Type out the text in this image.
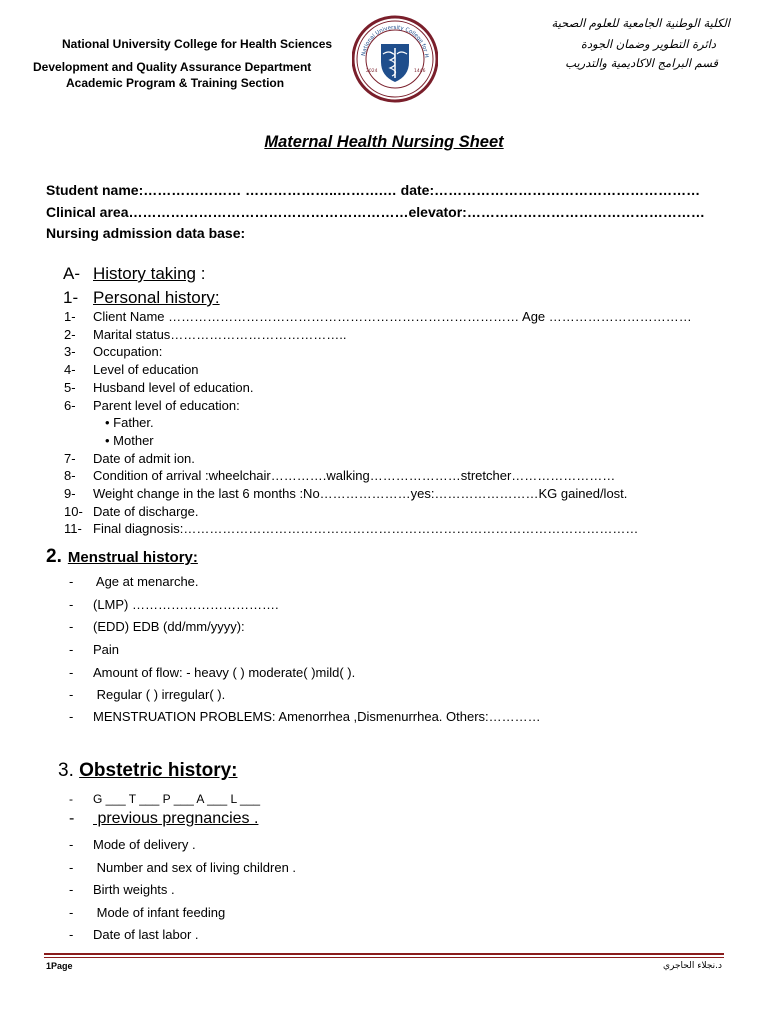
National University College for Health Sciences
Development and Quality Assurance Department
Academic Program & Training Section
National University College for H
2024	1446
الكلية الوطنية الجامعية للعلوم الصحية
دائرة التطوير وضمان الجودة
قسم البرامج الاكاديمية والتدريب
Maternal Health Nursing Sheet
Student name:………………… ………………..……….… date:…………………………………………………
Clinical area……………………………………………………elevator:……………………………………………
Nursing admission data base:
A- History taking :
1- Personal history:
1- Client Name ……………………………………………………………………… Age ……………………………
2- Marital status…………………………………..
3- Occupation:
4- Level of education
5- Husband level of education.
6- Parent level of education:
• Father.
• Mother
7- Date of admit ion.
8- Condition of arrival :wheelchair………….walking…………………stretcher……………………
9- Weight change in the last 6 months :No…………………yes:……………………KG gained/lost.
10- Date of discharge.
11- Final diagnosis:……………………………………………………………………………………………
2. Menstrual history:
- Age at menarche.
- (LMP) …………………………….
- (EDD) EDB (dd/mm/yyyy):
- Pain
- Amount of flow: - heavy ( ) moderate( )mild( ).
- Regular ( ) irregular( ).
- MENSTRUATION PROBLEMS: Amenorrhea ,Dismenurrhea. Others:…………
3. Obstetric history:
- G ___ T ___ P ___ A ___ L ___
- previous pregnancies .
- Mode of delivery .
- Number and sex of living children .
- Birth weights .
- Mode of infant feeding
- Date of last labor .
1Page	د.نجلاء الحاجري
